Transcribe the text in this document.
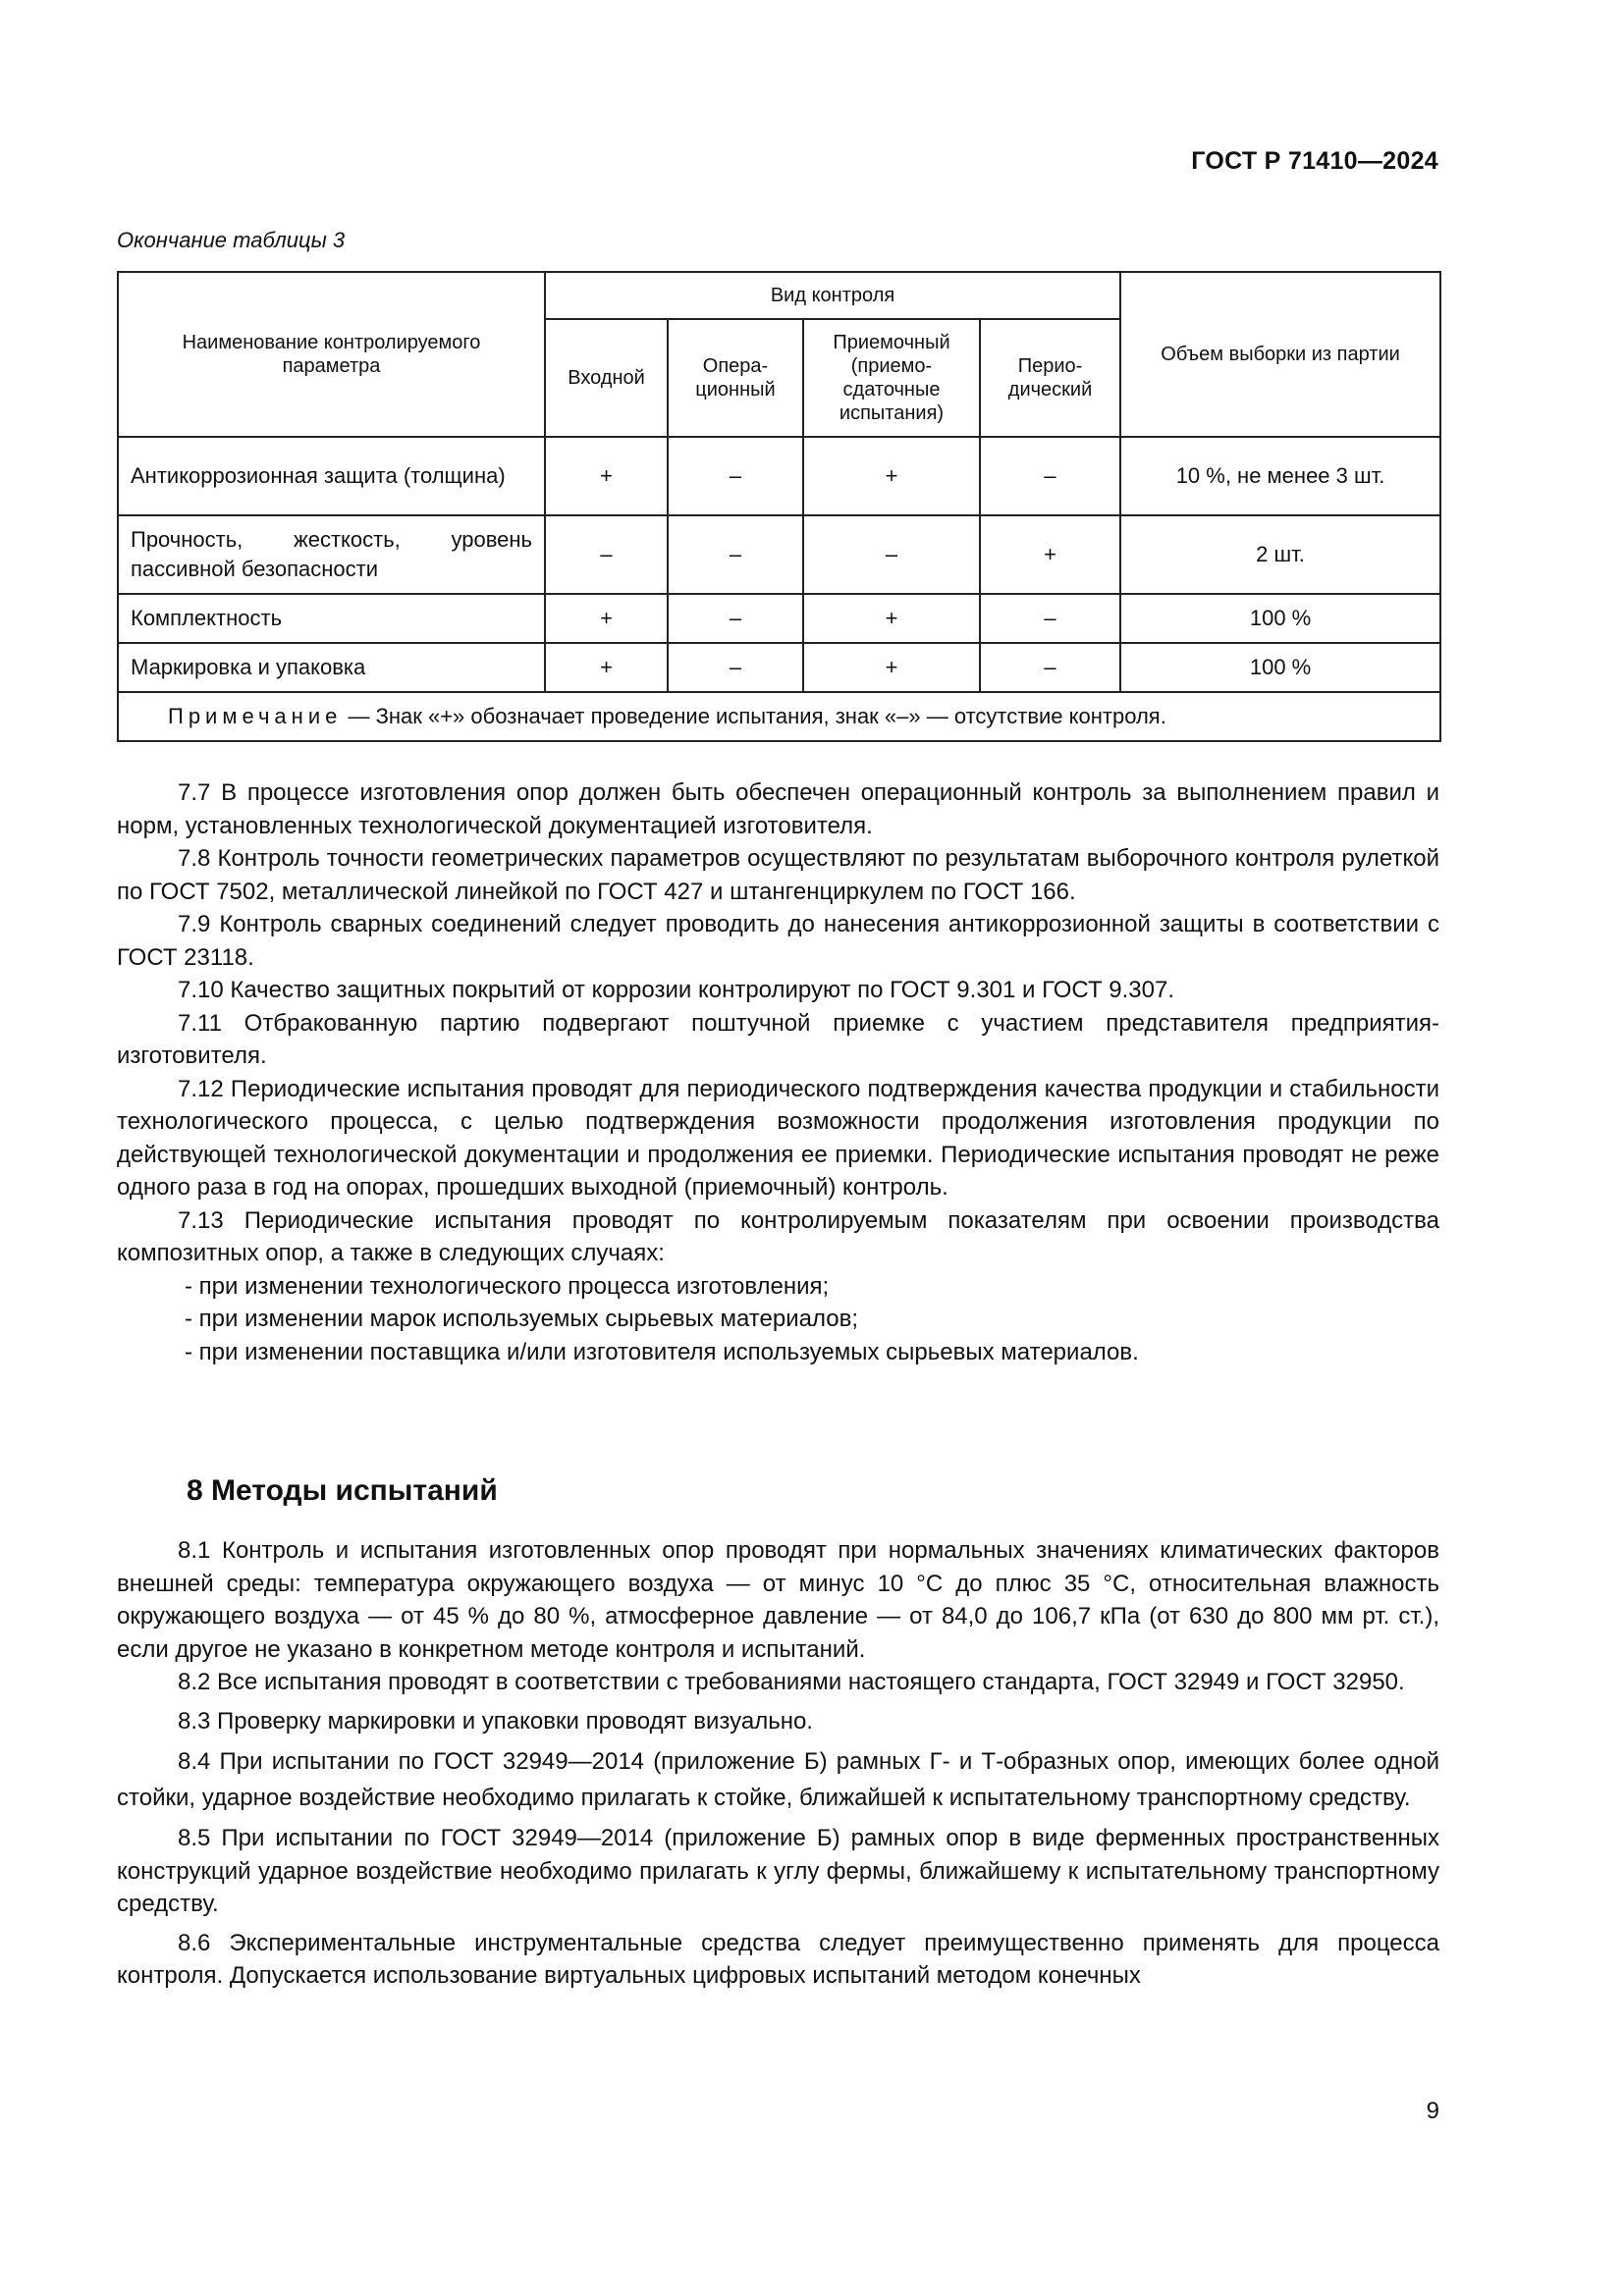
ГОСТ Р 71410—2024
Окончание таблицы 3
Наименование контролируемого параметра	Вид контроля				Объем выборки из партии
	Входной	Опера-ционный	Приемочный (приемо-сдаточные испытания)	Перио-дический	
Антикоррозионная защита (толщина)	+	–	+	–	10 %, не менее 3 шт.
Прочность, жесткость, уровень пассивной безопасности	–	–	–	+	2 шт.
Комплектность	+	–	+	–	100 %
Маркировка и упаковка	+	–	+	–	100 %
Примечание — Знак «+» обозначает проведение испытания, знак «–» — отсутствие контроля.					

7.7 В процессе изготовления опор должен быть обеспечен операционный контроль за выполнением правил и норм, установленных технологической документацией изготовителя.

7.8 Контроль точности геометрических параметров осуществляют по результатам выборочного контроля рулеткой по ГОСТ 7502, металлической линейкой по ГОСТ 427 и штангенциркулем по ГОСТ 166.

7.9 Контроль сварных соединений следует проводить до нанесения антикоррозионной защиты в соответствии с ГОСТ 23118.

7.10 Качество защитных покрытий от коррозии контролируют по ГОСТ 9.301 и ГОСТ 9.307.

7.11 Отбракованную партию подвергают поштучной приемке с участием представителя предприятия-изготовителя.

7.12 Периодические испытания проводят для периодического подтверждения качества продукции и стабильности технологического процесса, с целью подтверждения возможности продолжения изготовления продукции по действующей технологической документации и продолжения ее приемки. Периодические испытания проводят не реже одного раза в год на опорах, прошедших выходной (приемочный) контроль.

7.13 Периодические испытания проводят по контролируемым показателям при освоении производства композитных опор, а также в следующих случаях:

- при изменении технологического процесса изготовления;

- при изменении марок используемых сырьевых материалов;

- при изменении поставщика и/или изготовителя используемых сырьевых материалов.

8 Методы испытаний

8.1 Контроль и испытания изготовленных опор проводят при нормальных значениях климатических факторов внешней среды: температура окружающего воздуха — от минус 10 °С до плюс 35 °С, относительная влажность окружающего воздуха — от 45 % до 80 %, атмосферное давление — от 84,0 до 106,7 кПа (от 630 до 800 мм рт. ст.), если другое не указано в конкретном методе контроля и испытаний.

8.2 Все испытания проводят в соответствии с требованиями настоящего стандарта, ГОСТ 32949 и ГОСТ 32950.

8.3 Проверку маркировки и упаковки проводят визуально.

8.4 При испытании по ГОСТ 32949—2014 (приложение Б) рамных Г- и Т-образных опор, имеющих более одной стойки, ударное воздействие необходимо прилагать к стойке, ближайшей к испытательному транспортному средству.

8.5 При испытании по ГОСТ 32949—2014 (приложение Б) рамных опор в виде ферменных пространственных конструкций ударное воздействие необходимо прилагать к углу фермы, ближайшему к испытательному транспортному средству.

8.6 Экспериментальные инструментальные средства следует преимущественно применять для процесса контроля. Допускается использование виртуальных цифровых испытаний методом конечных

9
